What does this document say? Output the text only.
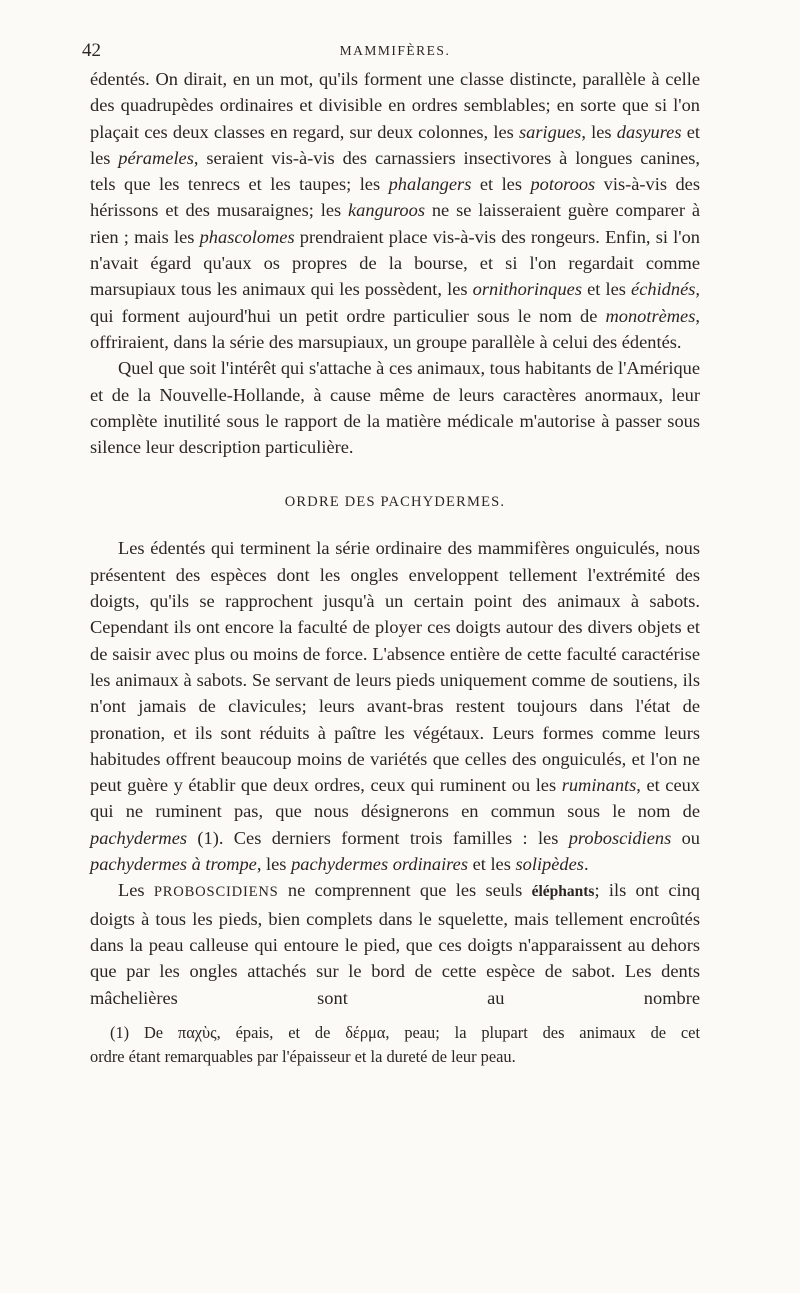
42	MAMMIFÈRES.

édentés. On dirait, en un mot, qu'ils forment une classe distincte, parallèle à celle des quadrupèdes ordinaires et divisible en ordres semblables; en sorte que si l'on plaçait ces deux classes en regard, sur deux colonnes, les sarigues, les dasyures et les pérameles, seraient vis-à-vis des carnassiers insectivores à longues canines, tels que les tenrecs et les taupes; les phalangers et les potoroos vis-à-vis des hérissons et des musaraignes; les kanguroos ne se laisseraient guère comparer à rien ; mais les phascolomes prendraient place vis-à-vis des rongeurs. Enfin, si l'on n'avait égard qu'aux os propres de la bourse, et si l'on regardait comme marsupiaux tous les animaux qui les possèdent, les ornithorinques et les échidnés, qui forment aujourd'hui un petit ordre particulier sous le nom de monotrèmes, offriraient, dans la série des marsupiaux, un groupe parallèle à celui des édentés.

Quel que soit l'intérêt qui s'attache à ces animaux, tous habitants de l'Amérique et de la Nouvelle-Hollande, à cause même de leurs caractères anormaux, leur complète inutilité sous le rapport de la matière médicale m'autorise à passer sous silence leur description particulière.

ORDRE DES PACHYDERMES.

Les édentés qui terminent la série ordinaire des mammifères onguiculés, nous présentent des espèces dont les ongles enveloppent tellement l'extrémité des doigts, qu'ils se rapprochent jusqu'à un certain point des animaux à sabots. Cependant ils ont encore la faculté de ployer ces doigts autour des divers objets et de saisir avec plus ou moins de force. L'absence entière de cette faculté caractérise les animaux à sabots. Se servant de leurs pieds uniquement comme de soutiens, ils n'ont jamais de clavicules; leurs avant-bras restent toujours dans l'état de pronation, et ils sont réduits à paître les végétaux. Leurs formes comme leurs habitudes offrent beaucoup moins de variétés que celles des onguiculés, et l'on ne peut guère y établir que deux ordres, ceux qui ruminent ou les ruminants, et ceux qui ne ruminent pas, que nous désignerons en commun sous le nom de pachydermes (1). Ces derniers forment trois familles : les proboscidiens ou pachydermes à trompe, les pachydermes ordinaires et les solipèdes.

Les PROBOSCIDIENS ne comprennent que les seuls éléphants; ils ont cinq doigts à tous les pieds, bien complets dans le squelette, mais tellement encroûtés dans la peau calleuse qui entoure le pied, que ces doigts n'apparaissent au dehors que par les ongles attachés sur le bord de cette espèce de sabot. Les dents mâchelières sont au nombre

(1) De παχὺς, épais, et de δέρμα, peau; la plupart des animaux de cet
ordre étant remarquables par l'épaisseur et la dureté de leur peau.
